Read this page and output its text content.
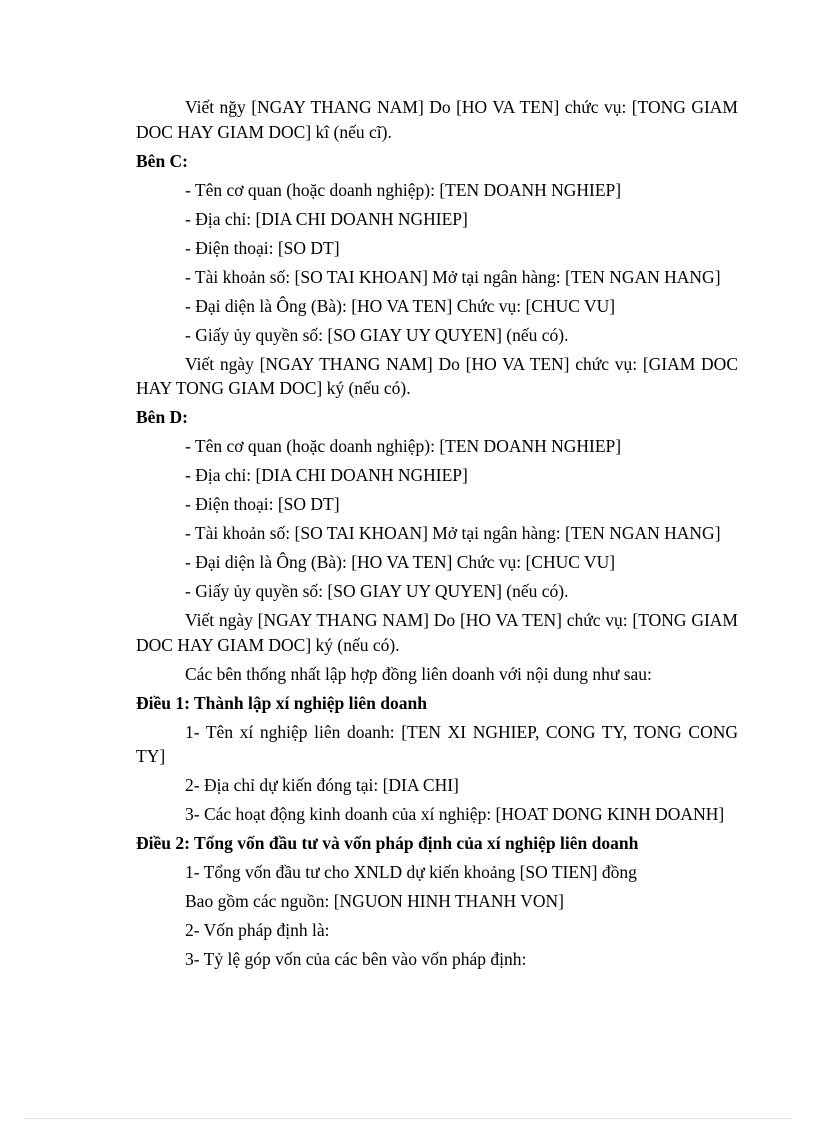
Viết nğy [NGAY THANG NAM] Do [HO VA TEN] chức vụ: [TONG GIAM DOC HAY GIAM DOC] kî (nếu cĩ).

Bên C:

- Tên cơ quan (hoặc doanh nghiệp): [TEN DOANH NGHIEP]

- Địa chỉ: [DIA CHI DOANH NGHIEP]

- Điện thoại: [SO DT]

- Tài khoản số: [SO TAI KHOAN] Mở tại ngân hàng: [TEN NGAN HANG]

- Đại diện là Ông (Bà): [HO VA TEN] Chức vụ: [CHUC VU]

- Giấy ủy quyền số: [SO GIAY UY QUYEN] (nếu có).

Viết ngày [NGAY THANG NAM] Do [HO VA TEN] chức vụ: [GIAM DOC HAY TONG GIAM DOC] ký (nếu có).

Bên D:

- Tên cơ quan (hoặc doanh nghiệp): [TEN DOANH NGHIEP]

- Địa chỉ: [DIA CHI DOANH NGHIEP]

- Điện thoại: [SO DT]

- Tài khoản số: [SO TAI KHOAN] Mở tại ngân hàng: [TEN NGAN HANG]

- Đại diện là Ông (Bà): [HO VA TEN] Chức vụ: [CHUC VU]

- Giấy ủy quyền số: [SO GIAY UY QUYEN] (nếu có).

Viết ngày [NGAY THANG NAM] Do [HO VA TEN] chức vụ: [TONG GIAM DOC HAY GIAM DOC] ký (nếu có).

Các bên thống nhất lập hợp đồng liên doanh với nội dung như sau:

Điều 1: Thành lập xí nghiệp liên doanh

1- Tên xí nghiệp liên doanh: [TEN XI NGHIEP, CONG TY, TONG CONG TY]

2- Địa chỉ dự kiến đóng tại: [DIA CHI]

3- Các hoạt động kinh doanh của xí nghiệp: [HOAT DONG KINH DOANH]

Điều 2: Tổng vốn đầu tư và vốn pháp định của xí nghiệp liên doanh

1- Tổng vốn đầu tư cho XNLD dự kiến khoảng [SO TIEN] đồng

Bao gồm các nguồn: [NGUON HINH THANH VON]

2- Vốn pháp định là:

3- Tỷ lệ góp vốn của các bên vào vốn pháp định:
